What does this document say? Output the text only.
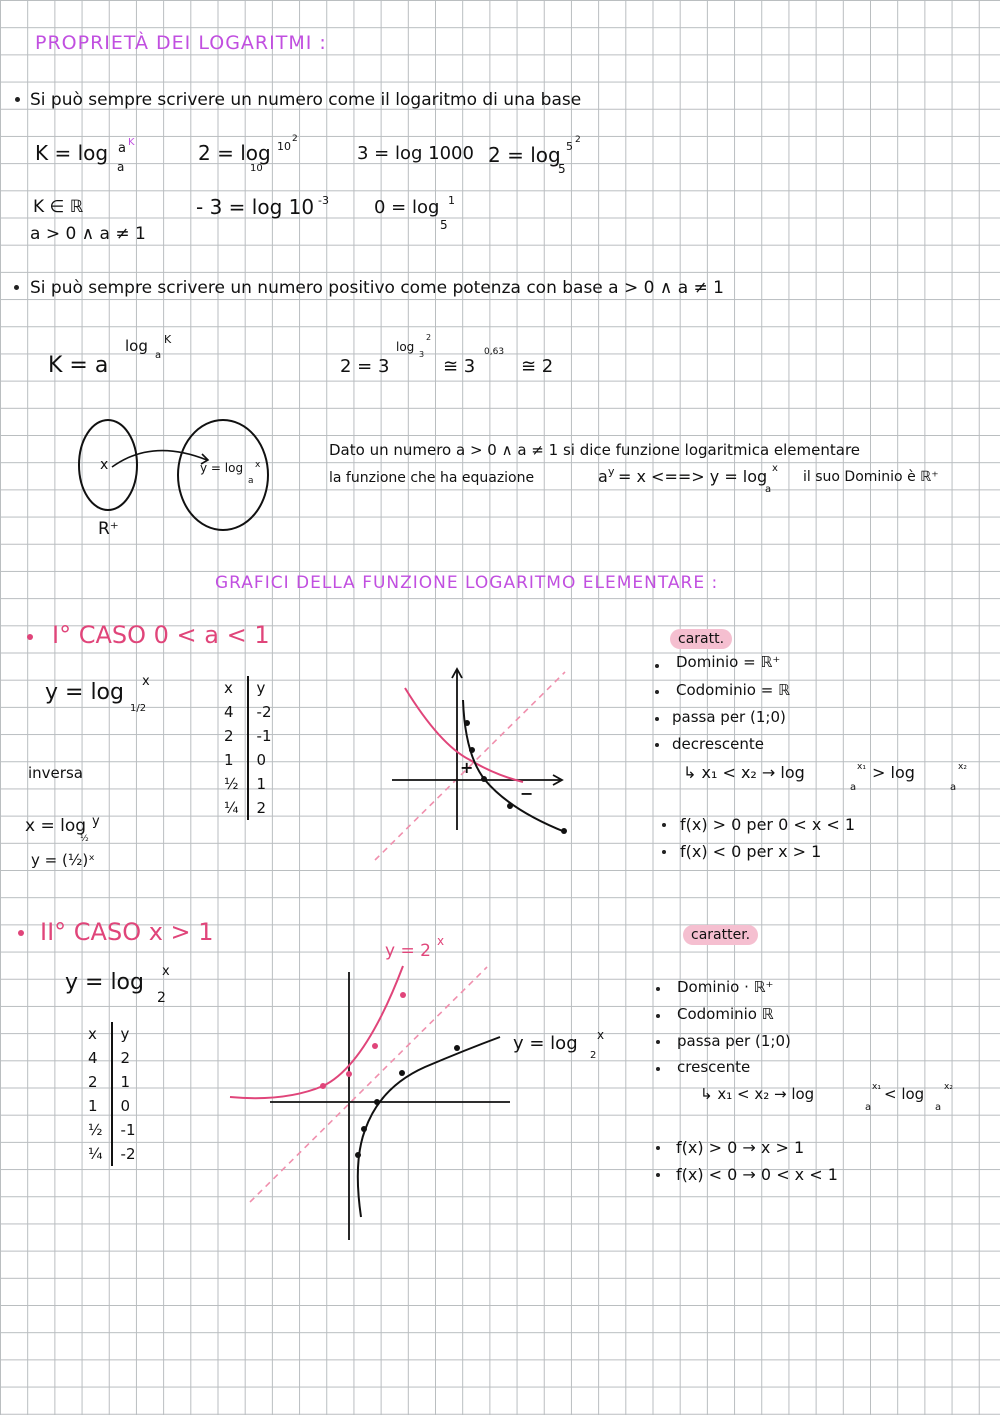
PROPRIETÀ DEI LOGARITMI :
Si può sempre scrivere un numero come il logaritmo di una base
K = log
a
a K	2 = log
10
10
2
3 = log 1000 2 = log
5
5 2
K ∈ ℝ
a > 0 ∧ a ≠ 1
- 3 = log 10 -3	0 = log
5
1
Si può sempre scrivere un numero positivo come potenza con base a > 0 ∧ a ≠ 1
K = a
log
a
K
2 = 3
log
3
2
≅ 3
0,63
≅ 2
x	y = log
a
x
R⁺
Dato un numero a > 0 ∧ a ≠ 1 si dice funzione logaritmica elementare
la funzione che ha equazione	a y = x <==> y = log
a
x
il suo Dominio è ℝ⁺
GRAFICI DELLA FUNZIONE LOGARITMO ELEMENTARE :
I° CASO 0 < a < 1
y = log
1/2
x	x	y
4	-2
2	-1
1	0
½	1
¼	2
inversa
x = log
½
y
y = (½)ˣ
+
−
caratt.
Dominio = ℝ⁺
Codominio = ℝ
passa per (1;0)
decrescente
↳ x₁ < x₂ → log
a
x₁ > log
a
x₂
f(x) > 0 per 0 < x < 1
f(x) < 0 per x > 1
II° CASO x > 1
y = log
2
x
x	y
4	2
2	1
1	0
½	-1
¼	-2
y = 2 x
y = log
2
x
caratter.
Dominio · ℝ⁺
Codominio ℝ
passa per (1;0)
crescente
↳ x₁ < x₂ → log
a
x₁ < log
a
x₂
f(x) > 0 → x > 1
f(x) < 0 → 0 < x < 1
